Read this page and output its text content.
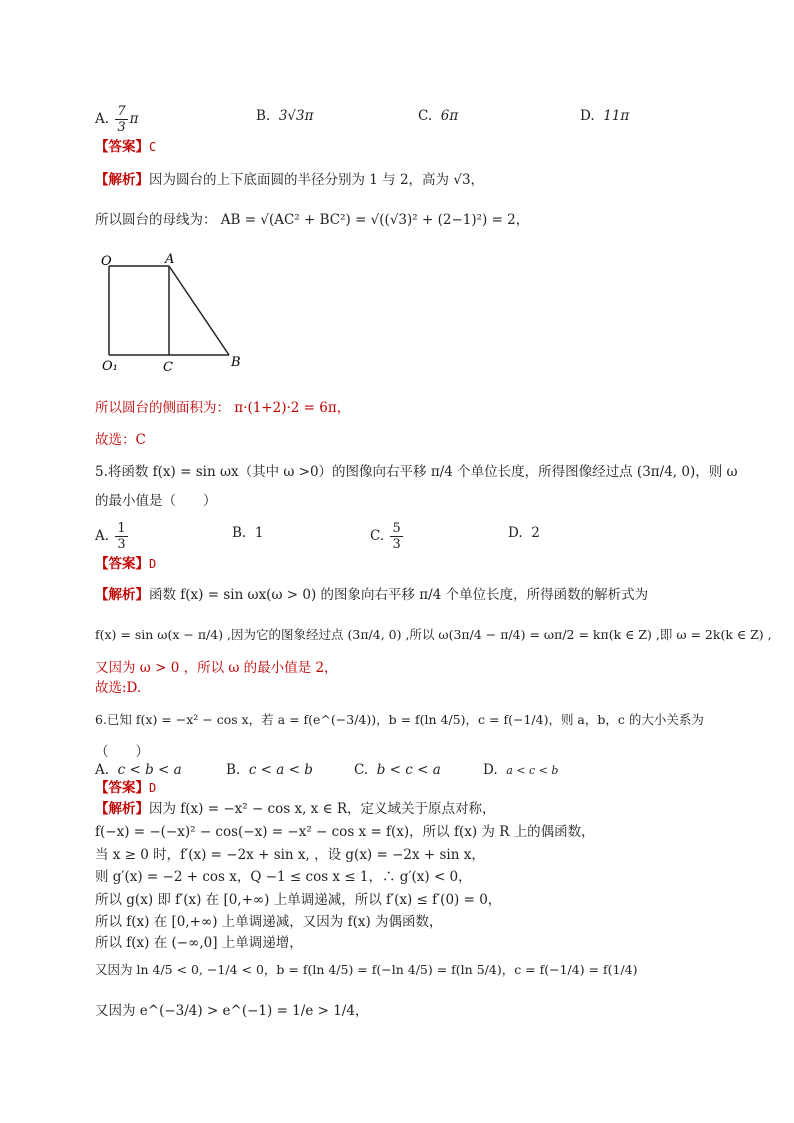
A. $\frac{7}{3}$ π	B. 3√3π	C. 6π	D. 11π
【答案】C
【解析】因为圆台的上下底面圆的半径分别为 1 与 2，高为 √3，
所以圆台的母线为： AB = √(AC² + BC²) = √((√3)² + (2−1)²) = 2，
O	A
O₁	C	B
所以圆台的侧面积为： π·(1+2)·2 = 6π，
故选：C
5.将函数 f(x) = sin ωx（其中 ω >0）的图像向右平移 π/4 个单位长度，所得图像经过点 (3π/4, 0)，则 ω
的最小值是（　　）
A. $\frac{1}{3}$	B. 1	C. $\frac{5}{3}$	D. 2
【答案】D
【解析】函数 f(x) = sin ωx(ω > 0) 的图象向右平移 π/4 个单位长度，所得函数的解析式为
f(x) = sin ω(x − π/4) ,因为它的图象经过点 (3π/4, 0) ,所以 ω(3π/4 − π/4) = ωπ/2 = kπ(k ∈ Z) ,即 ω = 2k(k ∈ Z) ,
又因为 ω > 0 ，所以 ω 的最小值是 2，
故选:D.
6.已知 f(x) = −x² − cos x，若 a = f(e^(−3/4))，b = f(ln 4/5)，c = f(−1/4)，则 a，b，c 的大小关系为
（　　）
A. c < b < a	B. c < a < b	C. b < c < a	D. a < c < b
【答案】D
【解析】因为 f(x) = −x² − cos x, x ∈ R，定义域关于原点对称，
f(−x) = −(−x)² − cos(−x) = −x² − cos x = f(x)，所以 f(x) 为 R 上的偶函数，
当 x ≥ 0 时，f′(x) = −2x + sin x, ，设 g(x) = −2x + sin x，
则 g′(x) = −2 + cos x，Q −1 ≤ cos x ≤ 1，∴ g′(x) < 0，
所以 g(x) 即 f′(x) 在 [0,+∞) 上单调递减，所以 f′(x) ≤ f′(0) = 0，
所以 f(x) 在 [0,+∞) 上单调递减，又因为 f(x) 为偶函数，
所以 f(x) 在 (−∞,0] 上单调递增，
又因为 ln 4/5 < 0, −1/4 < 0，b = f(ln 4/5) = f(−ln 4/5) = f(ln 5/4)，c = f(−1/4) = f(1/4)
又因为 e^(−3/4) > e^(−1) = 1/e > 1/4，
